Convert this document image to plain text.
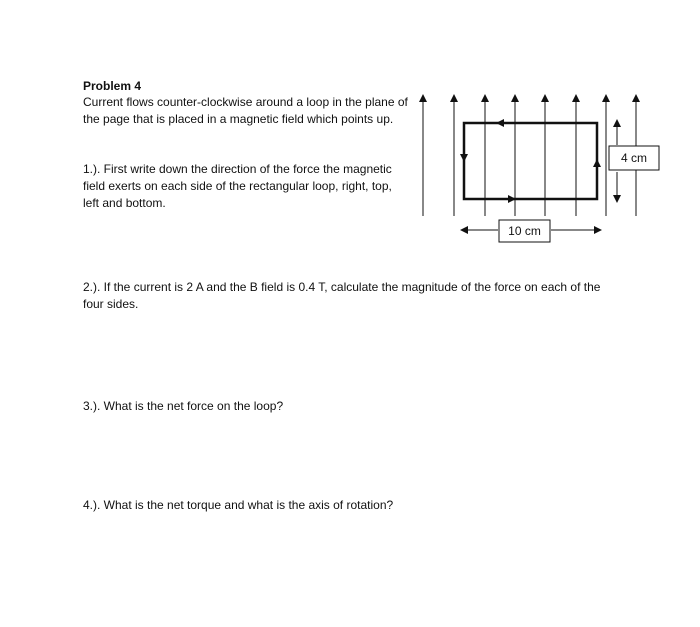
Problem 4

Current flows counter-clockwise around a loop in the plane of the page that is placed in a magnetic field which points up.

1.). First write down the direction of the force the magnetic field exerts on each side of the rectangular loop, right, top, left and bottom.

2.). If the current is 2 A and the B field is 0.4 T, calculate the magnitude of the force on each of the four sides.

3.). What is the net force on the loop?

4.). What is the net torque and what is the axis of rotation?

10 cm
4 cm
